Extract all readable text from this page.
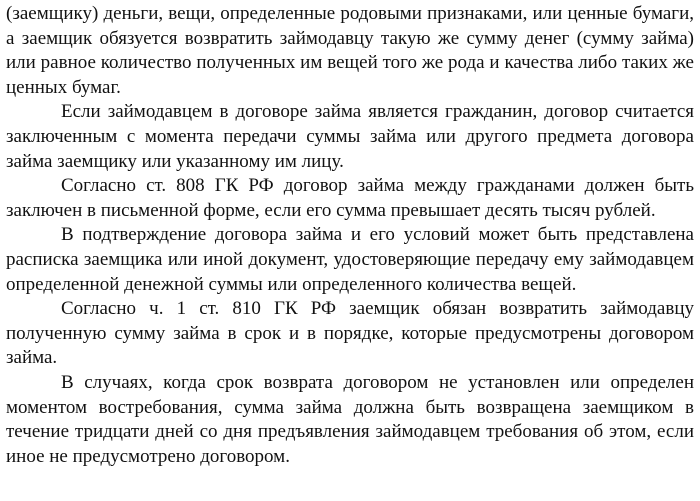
(заемщику) деньги, вещи, определенные родовыми признаками, или ценные бумаги, а заемщик обязуется возвратить займодавцу такую же сумму денег (сумму займа) или равное количество полученных им вещей того же рода и качества либо таких же ценных бумаг.

Если займодавцем в договоре займа является гражданин, договор считается заключенным с момента передачи суммы займа или другого предмета договора займа заемщику или указанному им лицу.

Согласно ст. 808 ГК РФ договор займа между гражданами должен быть заключен в письменной форме, если его сумма превышает десять тысяч рублей.

В подтверждение договора займа и его условий может быть представлена расписка заемщика или иной документ, удостоверяющие передачу ему займодавцем определенной денежной суммы или определенного количества вещей.

Согласно ч. 1 ст. 810 ГК РФ заемщик обязан возвратить займодавцу полученную сумму займа в срок и в порядке, которые предусмотрены договором займа.

В случаях, когда срок возврата договором не установлен или определен моментом востребования, сумма займа должна быть возвращена заемщиком в течение тридцати дней со дня предъявления займодавцем требования об этом, если иное не предусмотрено договором.
